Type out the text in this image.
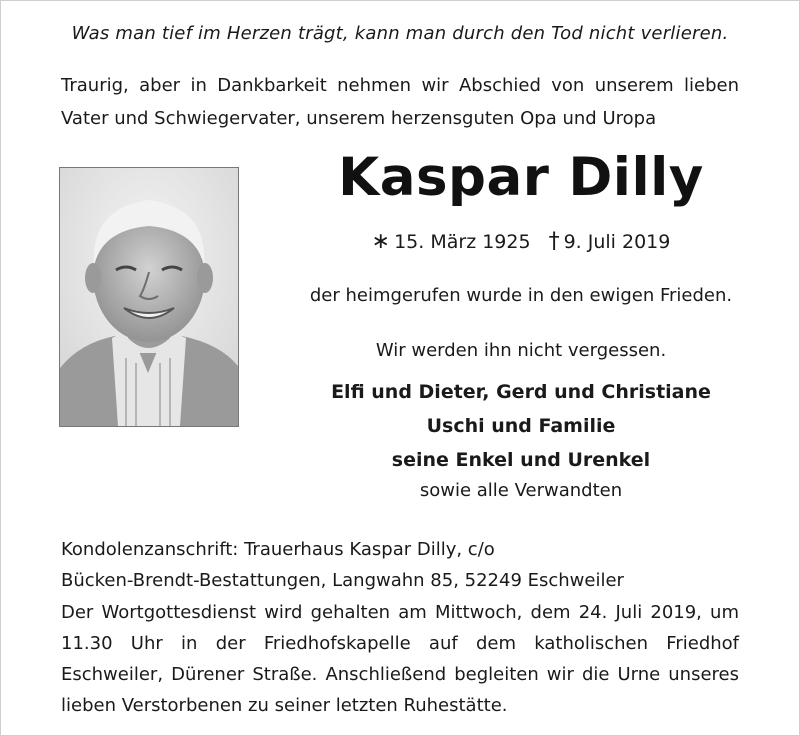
Was man tief im Herzen trägt, kann man durch den Tod nicht verlieren.

Traurig, aber in Dankbarkeit nehmen wir Abschied von unserem lieben Vater und Schwiegervater, unserem herzensguten Opa und Uropa

Kaspar Dilly
∗ 15. März 1925 † 9. Juli 2019

der heimgerufen wurde in den ewigen Frieden.

Wir werden ihn nicht vergessen.

Elfi und Dieter, Gerd und Christiane

Uschi und Familie

seine Enkel und Urenkel

sowie alle Verwandten

Kondolenzanschrift: Trauerhaus Kaspar Dilly, c/o
Bücken-Brendt-Bestattungen, Langwahn 85, 52249 Eschweiler

Der Wortgottesdienst wird gehalten am Mittwoch, dem 24. Juli 2019, um 11.30 Uhr in der Friedhofskapelle auf dem katholischen Friedhof Eschweiler, Dürener Straße. Anschließend begleiten wir die Urne unseres lieben Verstorbenen zu seiner letzten Ruhestätte.
